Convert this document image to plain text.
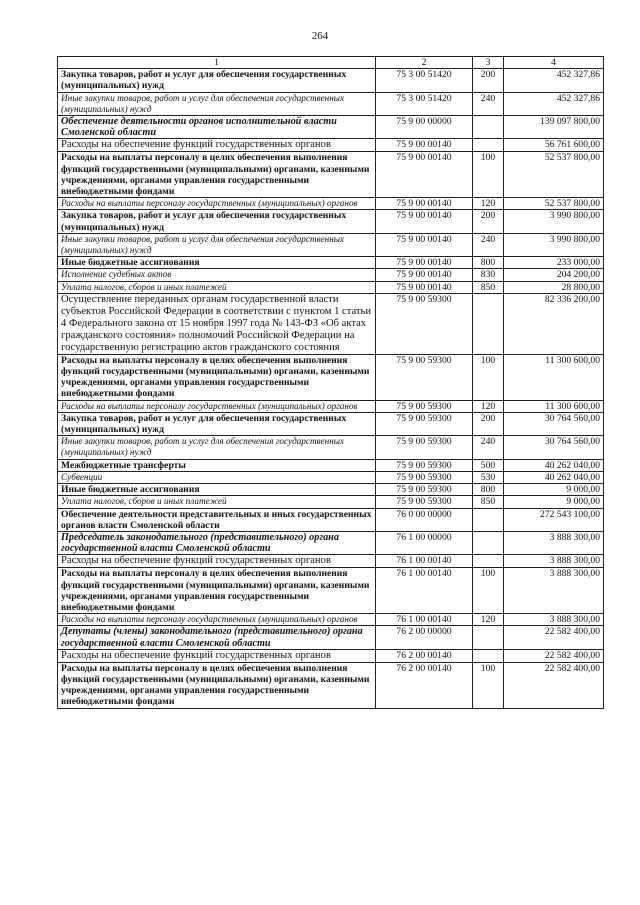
264
1	2	3	4
Закупка товаров, работ и услуг для обеспечения государственных (муниципальных) нужд	75 3 00 51420	200	452 327,86
Иные закупки товаров, работ и услуг для обеспечения государственных (муниципальных) нужд	75 3 00 51420	240	452 327,86
Обеспечение деятельности органов исполнительной власти Смоленской области	75 9 00 00000		139 097 800,00
Расходы на обеспечение функций государственных органов	75 9 00 00140		56 761 600,00
Расходы на выплаты персоналу в целях обеспечения выполнения функций государственными (муниципальными) органами, казенными учреждениями, органами управления государственными внебюджетными фондами	75 9 00 00140	100	52 537 800,00
Расходы на выплаты персоналу государственных (муниципальных) органов	75 9 00 00140	120	52 537 800,00
Закупка товаров, работ и услуг для обеспечения государственных (муниципальных) нужд	75 9 00 00140	200	3 990 800,00
Иные закупки товаров, работ и услуг для обеспечения государственных (муниципальных) нужд	75 9 00 00140	240	3 990 800,00
Иные бюджетные ассигнования	75 9 00 00140	800	233 000,00
Исполнение судебных актов	75 9 00 00140	830	204 200,00
Уплата налогов, сборов и иных платежей	75 9 00 00140	850	28 800,00
Осуществление переданных органам государственной власти субъектов Российской Федерации в соответствии с пунктом 1 статьи 4 Федерального закона от 15 ноября 1997 года № 143-ФЗ «Об актах гражданского состояния» полномочий Российской Федерации на государственную регистрацию актов гражданского состояния	75 9 00 59300		82 336 200,00
Расходы на выплаты персоналу в целях обеспечения выполнения функций государственными (муниципальными) органами, казенными учреждениями, органами управления государственными внебюджетными фондами	75 9 00 59300	100	11 300 600,00
Расходы на выплаты персоналу государственных (муниципальных) органов	75 9 00 59300	120	11 300 600,00
Закупка товаров, работ и услуг для обеспечения государственных (муниципальных) нужд	75 9 00 59300	200	30 764 560,00
Иные закупки товаров, работ и услуг для обеспечения государственных (муниципальных) нужд	75 9 00 59300	240	30 764 560,00
Межбюджетные трансферты	75 9 00 59300	500	40 262 040,00
Субвенции	75 9 00 59300	530	40 262 040,00
Иные бюджетные ассигнования	75 9 00 59300	800	9 000,00
Уплата налогов, сборов и иных платежей	75 9 00 59300	850	9 000,00
Обеспечение деятельности представительных и иных государственных органов власти Смоленской области	76 0 00 00000		272 543 100,00
Председатель законодательного (представительного) органа государственной власти Смоленской области	76 1 00 00000		3 888 300,00
Расходы на обеспечение функций государственных органов	76 1 00 00140		3 888 300,00
Расходы на выплаты персоналу в целях обеспечения выполнения функций государственными (муниципальными) органами, казенными учреждениями, органами управления государственными внебюджетными фондами	76 1 00 00140	100	3 888 300,00
Расходы на выплаты персоналу государственных (муниципальных) органов	76 1 00 00140	120	3 888 300,00
Депутаты (члены) законодательного (представительного) органа государственной власти Смоленской области	76 2 00 00000		22 582 400,00
Расходы на обеспечение функций государственных органов	76 2 00 00140		22 582 400,00
Расходы на выплаты персоналу в целях обеспечения выполнения функций государственными (муниципальными) органами, казенными учреждениями, органами управления государственными внебюджетными фондами	76 2 00 00140	100	22 582 400,00
